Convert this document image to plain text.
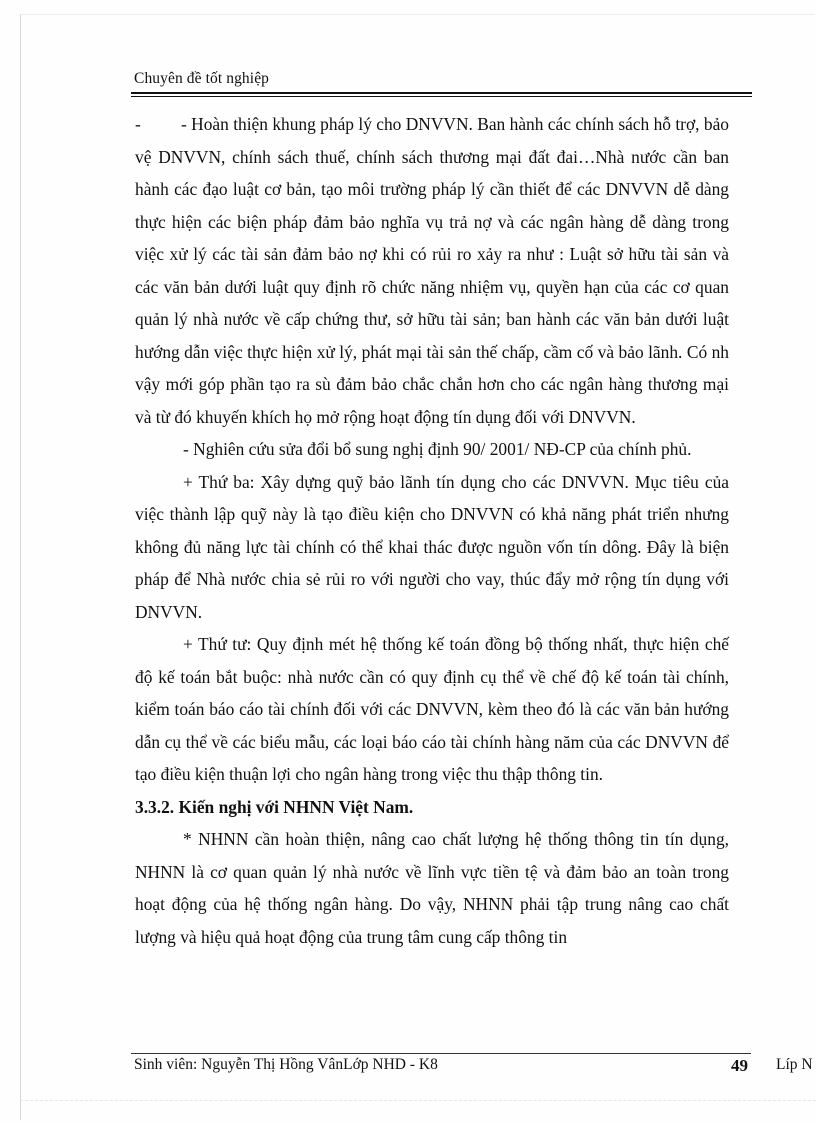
Chuyên đề tốt nghiệp

- - Hoàn thiện khung pháp lý cho DNVVN. Ban hành các chính sách hỗ trợ, bảo vệ DNVVN, chính sách thuế, chính sách thương mại đất đai…Nhà nước cần ban hành các đạo luật cơ bản, tạo môi trường pháp lý cần thiết để các DNVVN dễ dàng thực hiện các biện pháp đảm bảo nghĩa vụ trả nợ và các ngân hàng dễ dàng trong việc xử lý các tài sản đảm bảo nợ khi có rủi ro xảy ra như : Luật sở hữu tài sản và các văn bản dưới luật quy định rõ chức năng nhiệm vụ, quyền hạn của các cơ quan quản lý nhà nước về cấp chứng thư, sở hữu tài sản; ban hành các văn bản dưới luật hướng dẫn việc thực hiện xử lý, phát mại tài sản thế chấp, cầm cố và bảo lãnh. Có nh vậy mới góp phần tạo ra sù đảm bảo chắc chắn hơn cho các ngân hàng thương mại và từ đó khuyến khích họ mở rộng hoạt động tín dụng đối với DNVVN.

- Nghiên cứu sửa đổi bổ sung nghị định 90/ 2001/ NĐ-CP của chính phủ.

+ Thứ ba: Xây dựng quỹ bảo lãnh tín dụng cho các DNVVN. Mục tiêu của việc thành lập quỹ này là tạo điều kiện cho DNVVN có khả năng phát triển nhưng không đủ năng lực tài chính có thể khai thác được nguồn vốn tín dông. Đây là biện pháp để Nhà nước chia sẻ rủi ro với người cho vay, thúc đẩy mở rộng tín dụng với DNVVN.

+ Thứ tư: Quy định mét hệ thống kế toán đồng bộ thống nhất, thực hiện chế độ kế toán bắt buộc: nhà nước cần có quy định cụ thể về chế độ kế toán tài chính, kiểm toán báo cáo tài chính đối với các DNVVN, kèm theo đó là các văn bản hướng dẫn cụ thể về các biểu mẫu, các loại báo cáo tài chính hàng năm của các DNVVN để tạo điều kiện thuận lợi cho ngân hàng trong việc thu thập thông tin.

3.3.2. Kiến nghị với NHNN Việt Nam.

* NHNN cần hoàn thiện, nâng cao chất lượng hệ thống thông tin tín dụng, NHNN là cơ quan quản lý nhà nước về lĩnh vực tiền tệ và đảm bảo an toàn trong hoạt động của hệ thống ngân hàng. Do vậy, NHNN phải tập trung nâng cao chất lượng và hiệu quả hoạt động của trung tâm cung cấp thông tin

Sinh viên: Nguyễn Thị Hồng VânLớp NHD - K8	49 Líp N
